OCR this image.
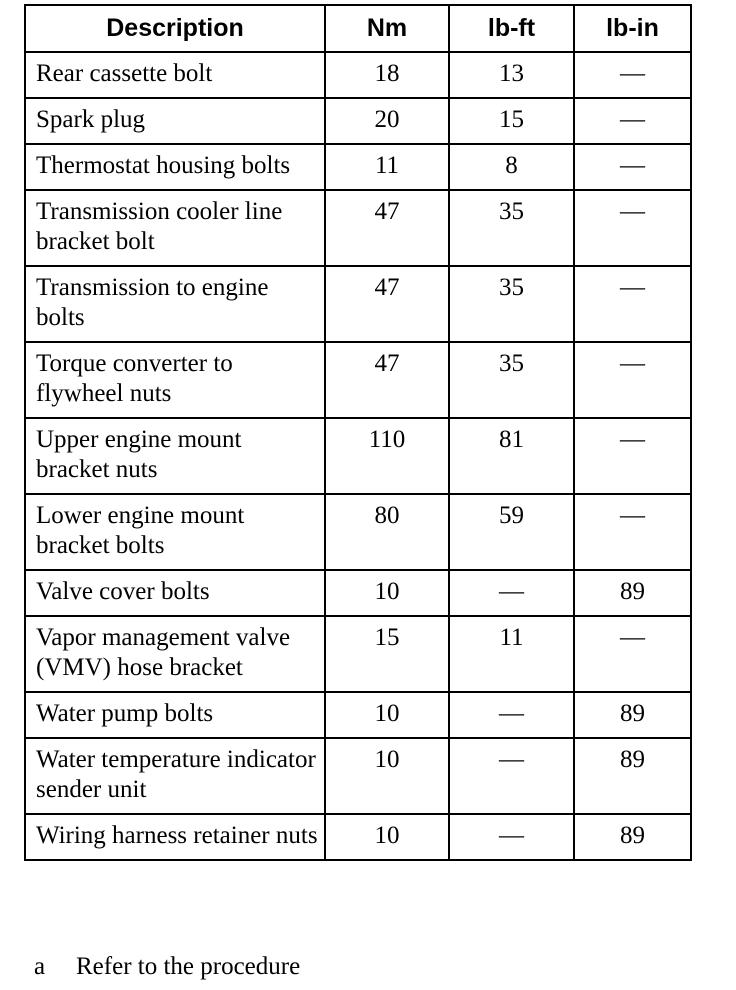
Description	Nm	lb-ft	lb-in
Rear cassette bolt	18	13	—
Spark plug	20	15	—
Thermostat housing bolts	11	8	—
Transmission cooler line bracket bolt	47	35	—
Transmission to engine bolts	47	35	—
Torque converter to flywheel nuts	47	35	—
Upper engine mount bracket nuts	110	81	—
Lower engine mount bracket bolts	80	59	—
Valve cover bolts	10	—	89
Vapor management valve (VMV) hose bracket	15	11	—
Water pump bolts	10	—	89
Water temperature indicator sender unit	10	—	89
Wiring harness retainer nuts	10	—	89
a Refer to the procedure
